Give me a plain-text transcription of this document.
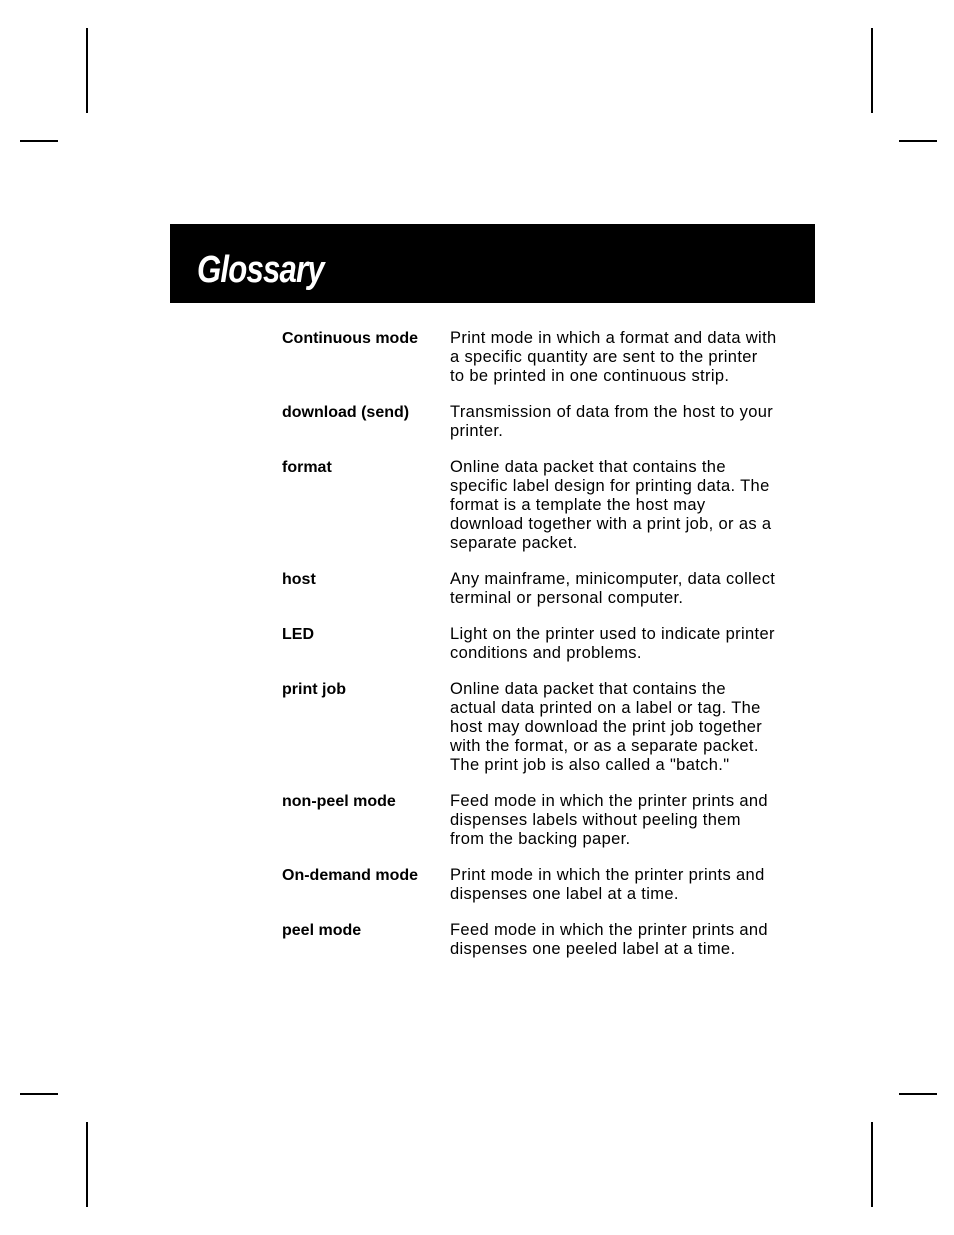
Glossary
Continuous mode	Print mode in which a format and data with
a specific quantity are sent to the printer
to be printed in one continuous strip.
download (send)	Transmission of data from the host to your
printer.
format	Online data packet that contains the
specific label design for printing data. The
format is a template the host may
download together with a print job, or as a
separate packet.
host	Any mainframe, minicomputer, data collect
terminal or personal computer.
LED	Light on the printer used to indicate printer
conditions and problems.
print job	Online data packet that contains the
actual data printed on a label or tag. The
host may download the print job together
with the format, or as a separate packet.
The print job is also called a "batch."
non-peel mode	Feed mode in which the printer prints and
dispenses labels without peeling them
from the backing paper.
On-demand mode	Print mode in which the printer prints and
dispenses one label at a time.
peel mode	Feed mode in which the printer prints and
dispenses one peeled label at a time.
